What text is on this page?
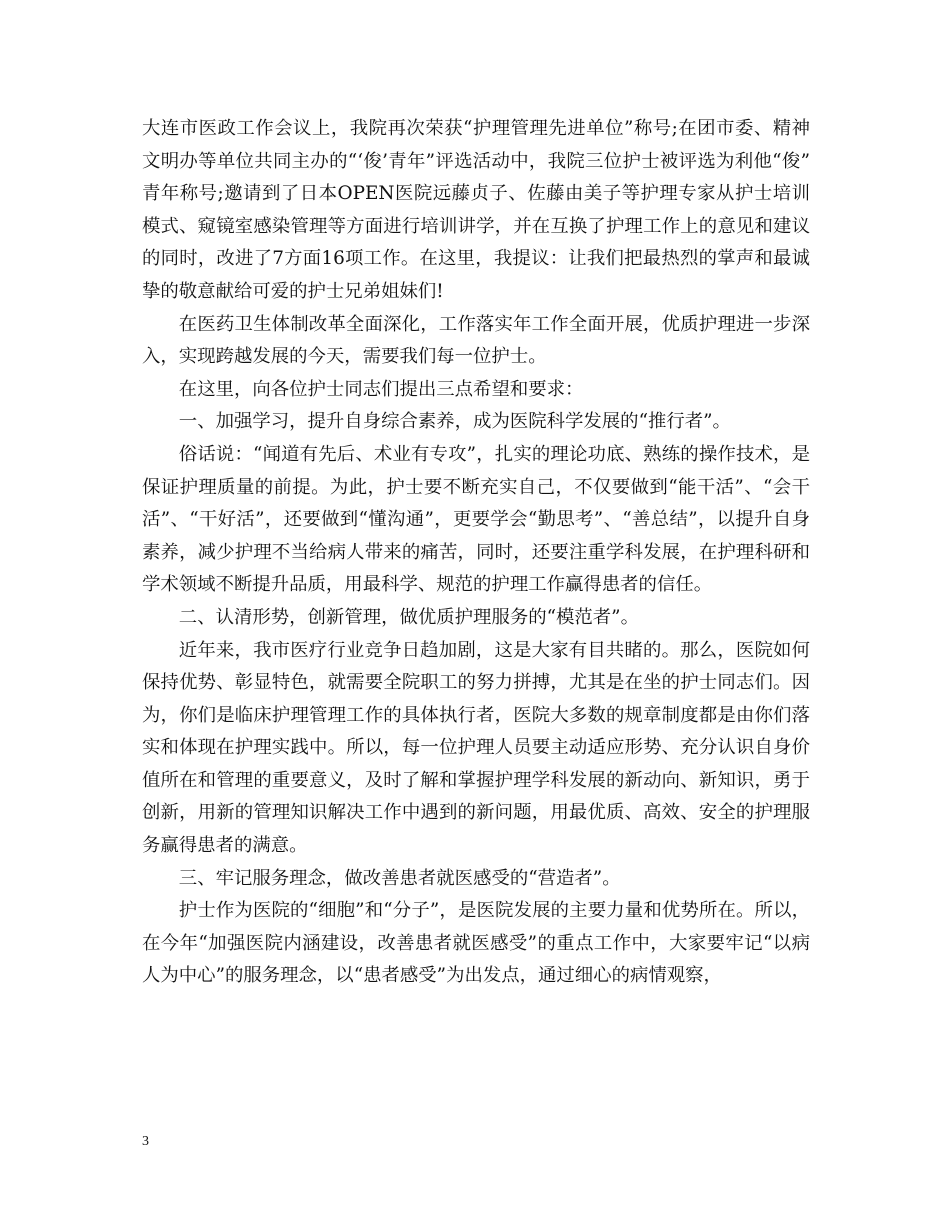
大连市医政工作会议上，我院再次荣获“护理管理先进单位”称号;在团市委、精神文明办等单位共同主办的“‘俊’青年”评选活动中，我院三位护士被评选为利他“俊”青年称号;邀请到了日本OPEN医院远藤贞子、佐藤由美子等护理专家从护士培训模式、窥镜室感染管理等方面进行培训讲学，并在互换了护理工作上的意见和建议的同时，改进了7方面16项工作。在这里，我提议：让我们把最热烈的掌声和最诚挚的敬意献给可爱的护士兄弟姐妹们!

在医药卫生体制改革全面深化，工作落实年工作全面开展，优质护理进一步深入，实现跨越发展的今天，需要我们每一位护士。

在这里，向各位护士同志们提出三点希望和要求：

一、加强学习，提升自身综合素养，成为医院科学发展的“推行者”。

俗话说：“闻道有先后、术业有专攻”，扎实的理论功底、熟练的操作技术，是保证护理质量的前提。为此，护士要不断充实自己，不仅要做到“能干活”、“会干活”、“干好活”，还要做到“懂沟通”，更要学会“勤思考”、“善总结”，以提升自身素养，减少护理不当给病人带来的痛苦，同时，还要注重学科发展，在护理科研和学术领域不断提升品质，用最科学、规范的护理工作赢得患者的信任。

二、认清形势，创新管理，做优质护理服务的“模范者”。

近年来，我市医疗行业竞争日趋加剧，这是大家有目共睹的。那么，医院如何保持优势、彰显特色，就需要全院职工的努力拼搏，尤其是在坐的护士同志们。因为，你们是临床护理管理工作的具体执行者，医院大多数的规章制度都是由你们落实和体现在护理实践中。所以，每一位护理人员要主动适应形势、充分认识自身价值所在和管理的重要意义，及时了解和掌握护理学科发展的新动向、新知识，勇于创新，用新的管理知识解决工作中遇到的新问题，用最优质、高效、安全的护理服务赢得患者的满意。

三、牢记服务理念，做改善患者就医感受的“营造者”。

护士作为医院的“细胞”和“分子”，是医院发展的主要力量和优势所在。所以，在今年“加强医院内涵建设，改善患者就医感受”的重点工作中，大家要牢记“以病人为中心”的服务理念，以“患者感受”为出发点，通过细心的病情观察，

3
